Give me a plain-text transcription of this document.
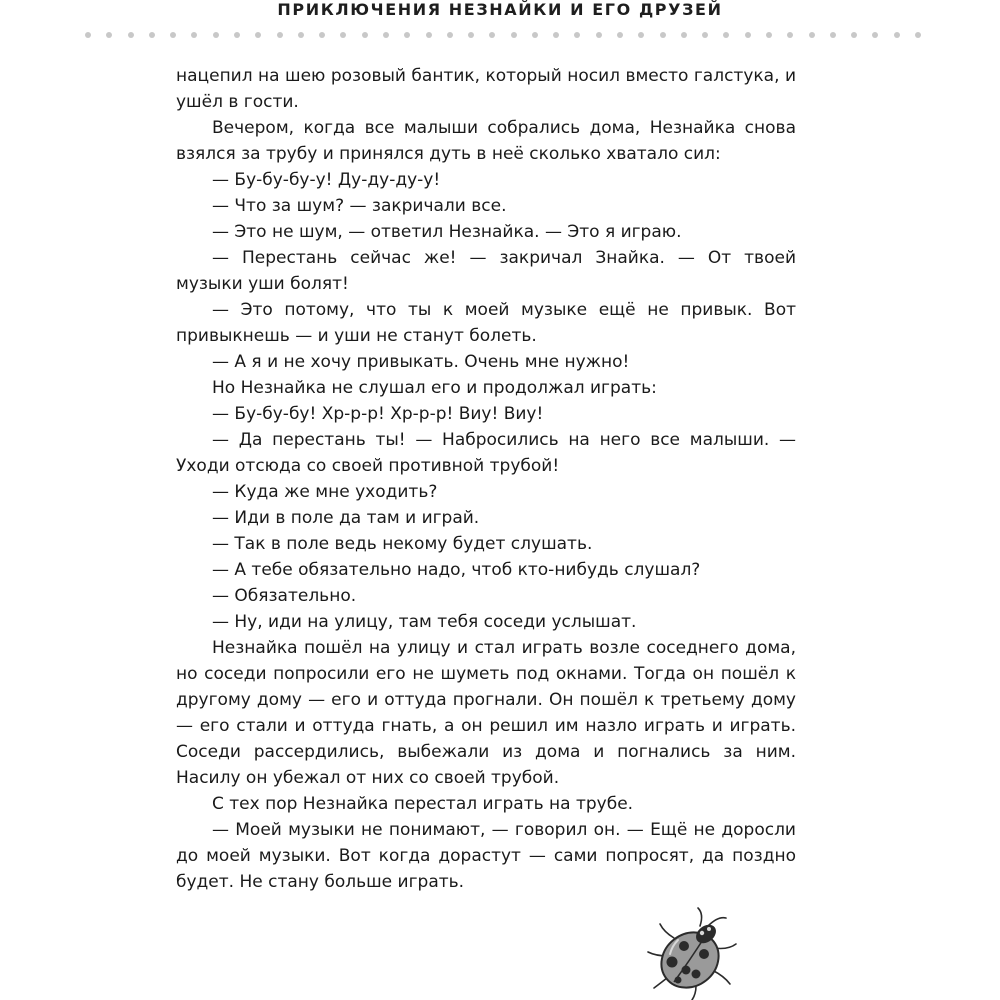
ПРИКЛЮЧЕНИЯ НЕЗНАЙКИ И ЕГО ДРУЗЕЙ

нацепил на шею розовый бантик, который носил вместо галстука, и ушёл в гости.

Вечером, когда все малыши собрались дома, Незнайка снова взялся за трубу и принялся дуть в неё сколько хватало сил:

— Бу-бу-бу-у! Ду-ду-ду-у!

— Что за шум? — закричали все.

— Это не шум, — ответил Незнайка. — Это я играю.

— Перестань сейчас же! — закричал Знайка. — От твоей музыки уши болят!

— Это потому, что ты к моей музыке ещё не привык. Вот привыкнешь — и уши не станут болеть.

— А я и не хочу привыкать. Очень мне нужно!

Но Незнайка не слушал его и продолжал играть:

— Бу-бу-бу! Хр-р-р! Хр-р-р! Виу! Виу!

— Да перестань ты! — Набросились на него все малыши. — Уходи отсюда со своей противной трубой!

— Куда же мне уходить?

— Иди в поле да там и играй.

— Так в поле ведь некому будет слушать.

— А тебе обязательно надо, чтоб кто-нибудь слушал?

— Обязательно.

— Ну, иди на улицу, там тебя соседи услышат.

Незнайка пошёл на улицу и стал играть возле соседнего дома, но соседи попросили его не шуметь под окнами. Тогда он пошёл к другому дому — его и оттуда прогнали. Он пошёл к третьему дому — его стали и оттуда гнать, а он решил им назло играть и играть. Соседи рассердились, выбежали из дома и погнались за ним. Насилу он убежал от них со своей трубой.

С тех пор Незнайка перестал играть на трубе.

— Моей музыки не понимают, — говорил он. — Ещё не доросли до моей музыки. Вот когда дорастут — сами попросят, да поздно будет. Не стану больше играть.
